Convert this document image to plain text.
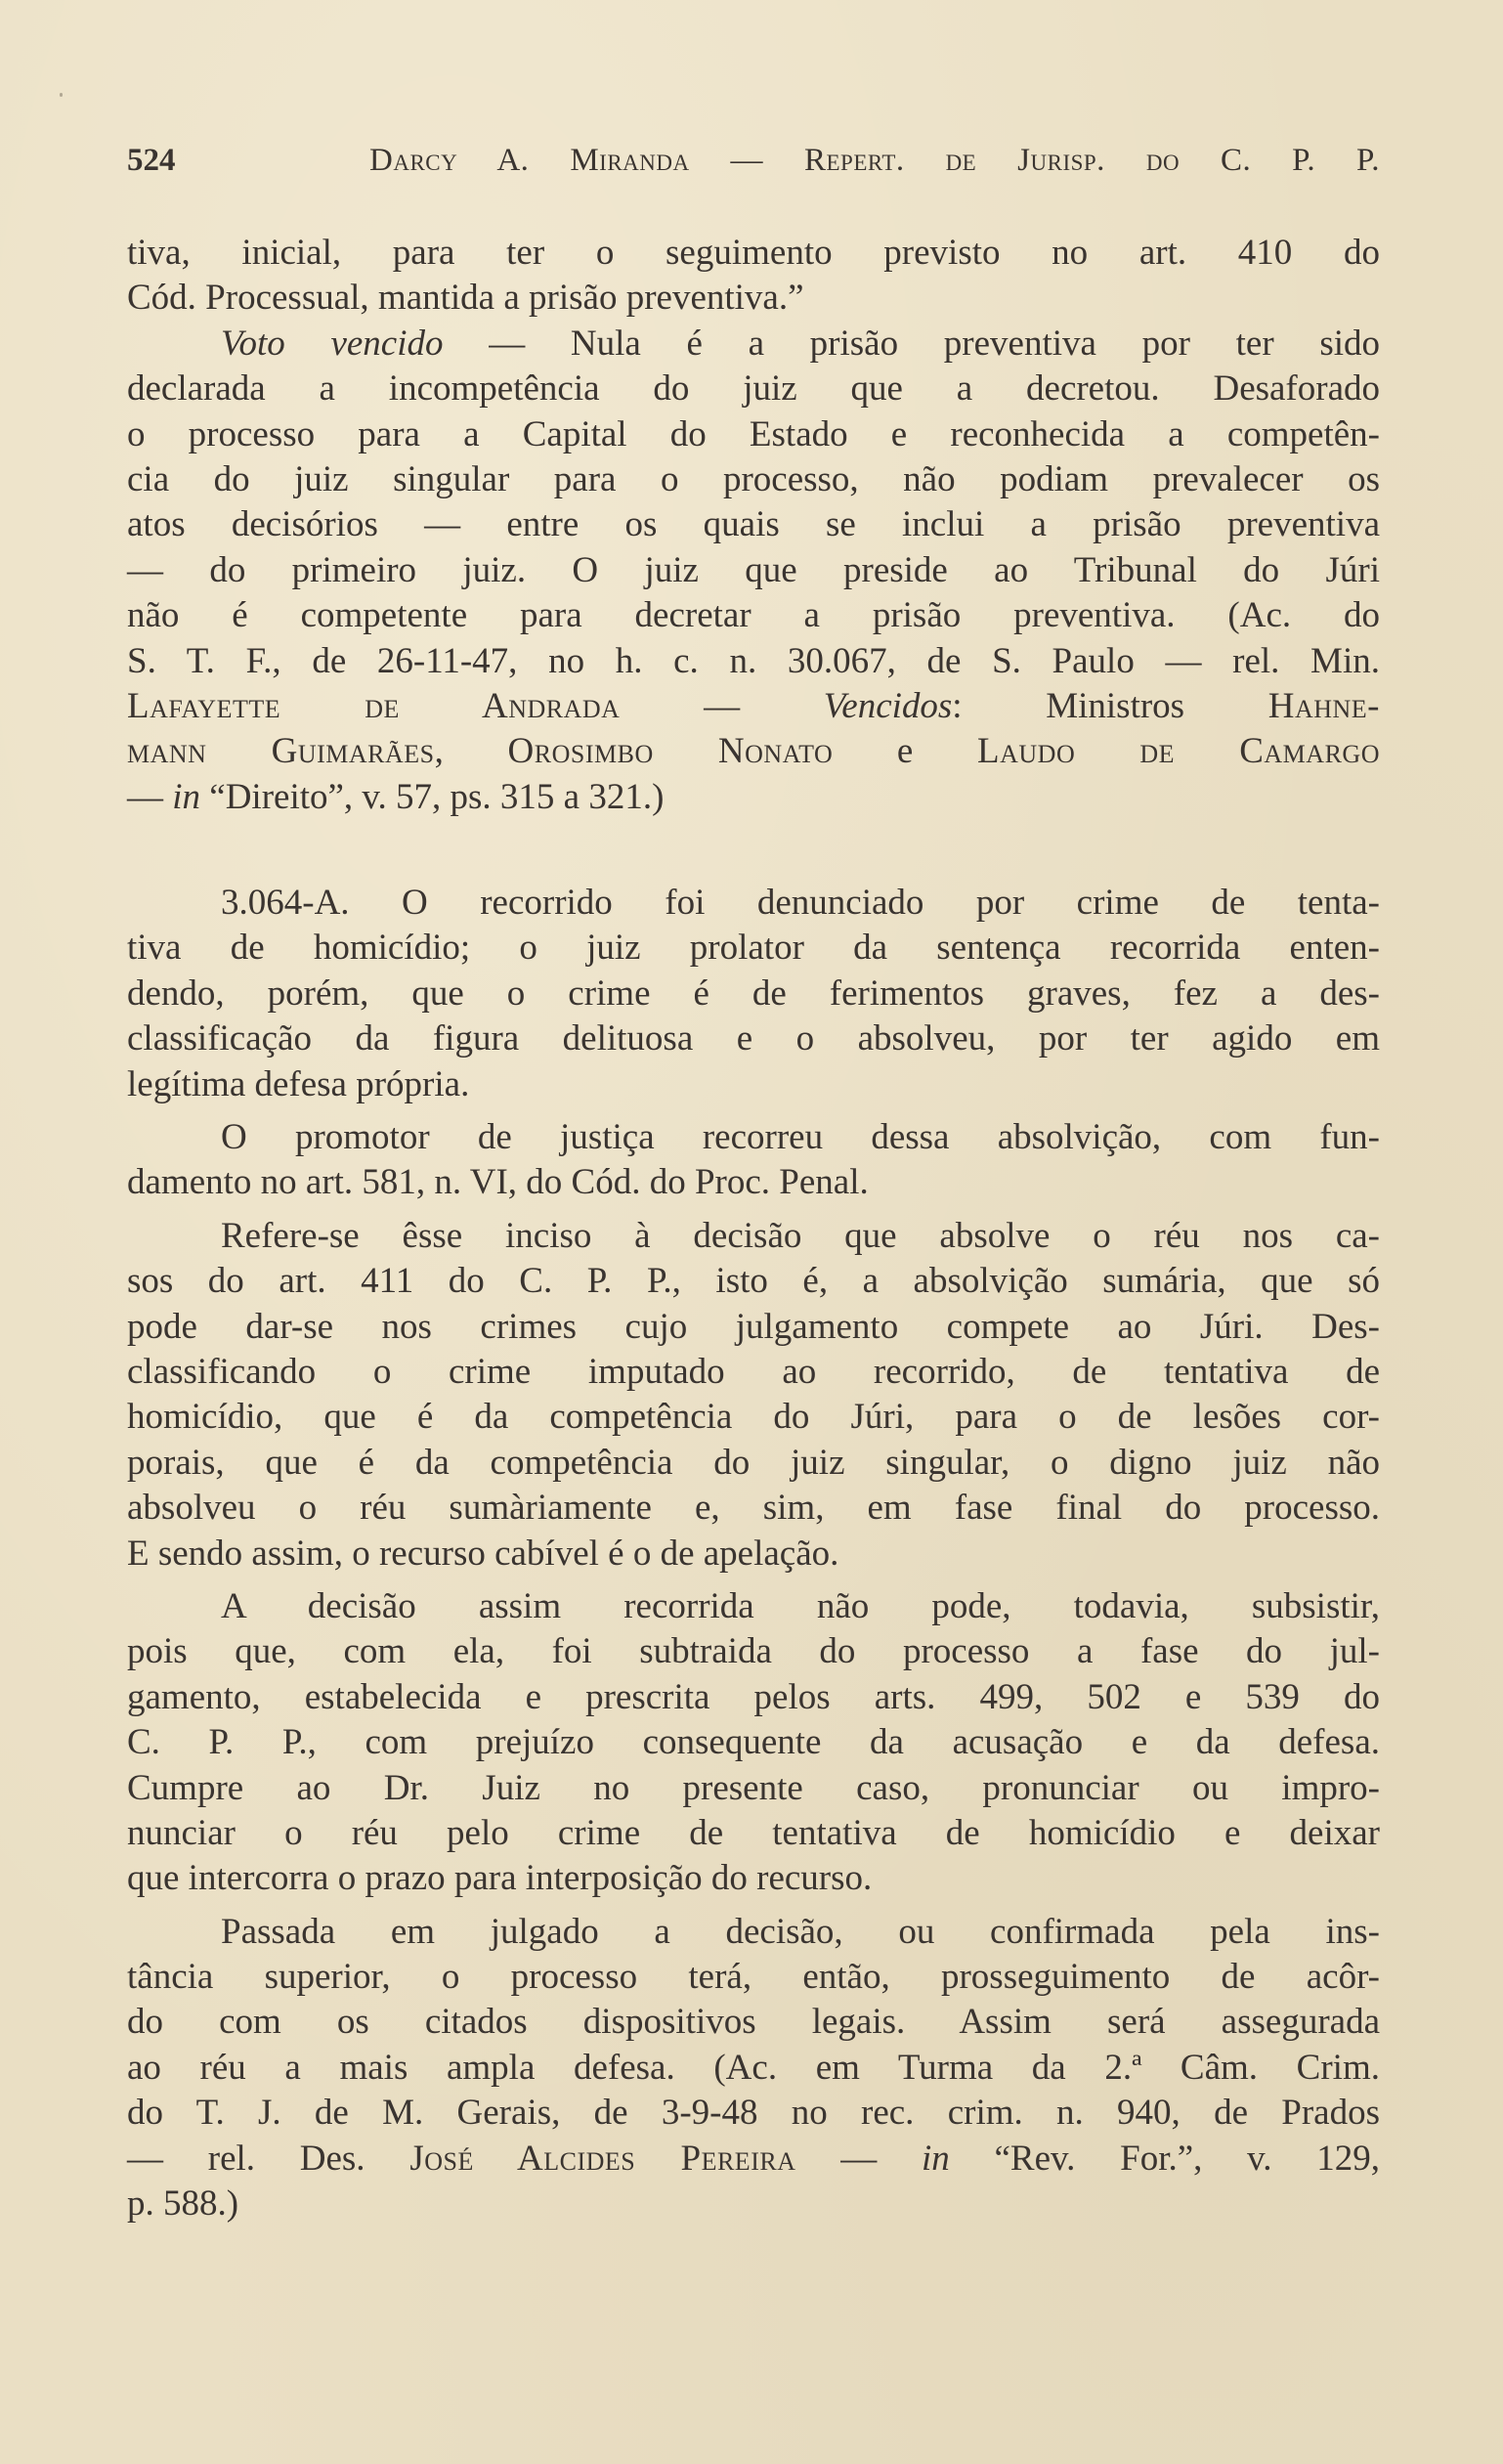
524	Darcy A. Miranda — Repert. de Jurisp. do C. P. P.
tiva, inicial, para ter o seguimento previsto no art. 410 do
Cód. Processual, mantida a prisão preventiva.”
Voto vencido — Nula é a prisão preventiva por ter sido
declarada a incompetência do juiz que a decretou. Desaforado
o processo para a Capital do Estado e reconhecida a competên-
cia do juiz singular para o processo, não podiam prevalecer os
atos decisórios — entre os quais se inclui a prisão preventiva
— do primeiro juiz. O juiz que preside ao Tribunal do Júri
não é competente para decretar a prisão preventiva. (Ac. do
S. T. F., de 26-11-47, no h. c. n. 30.067, de S. Paulo — rel. Min.
Lafayette de Andrada — Vencidos: Ministros Hahne-
mann Guimarães, Orosimbo Nonato e Laudo de Camargo
— in “Direito”, v. 57, ps. 315 a 321.)
3.064-A. O recorrido foi denunciado por crime de tenta-
tiva de homicídio; o juiz prolator da sentença recorrida enten-
dendo, porém, que o crime é de ferimentos graves, fez a des-
classificação da figura delituosa e o absolveu, por ter agido em
legítima defesa própria.
O promotor de justiça recorreu dessa absolvição, com fun-
damento no art. 581, n. VI, do Cód. do Proc. Penal.
Refere-se êsse inciso à decisão que absolve o réu nos ca-
sos do art. 411 do C. P. P., isto é, a absolvição sumária, que só
pode dar-se nos crimes cujo julgamento compete ao Júri. Des-
classificando o crime imputado ao recorrido, de tentativa de
homicídio, que é da competência do Júri, para o de lesões cor-
porais, que é da competência do juiz singular, o digno juiz não
absolveu o réu sumàriamente e, sim, em fase final do processo.
E sendo assim, o recurso cabível é o de apelação.
A decisão assim recorrida não pode, todavia, subsistir,
pois que, com ela, foi subtraida do processo a fase do jul-
gamento, estabelecida e prescrita pelos arts. 499, 502 e 539 do
C. P. P., com prejuízo consequente da acusação e da defesa.
Cumpre ao Dr. Juiz no presente caso, pronunciar ou impro-
nunciar o réu pelo crime de tentativa de homicídio e deixar
que intercorra o prazo para interposição do recurso.
Passada em julgado a decisão, ou confirmada pela ins-
tância superior, o processo terá, então, prosseguimento de acôr-
do com os citados dispositivos legais. Assim será assegurada
ao réu a mais ampla defesa. (Ac. em Turma da 2.ª Câm. Crim.
do T. J. de M. Gerais, de 3-9-48 no rec. crim. n. 940, de Prados
— rel. Des. José Alcides Pereira — in “Rev. For.”, v. 129,
p. 588.)
